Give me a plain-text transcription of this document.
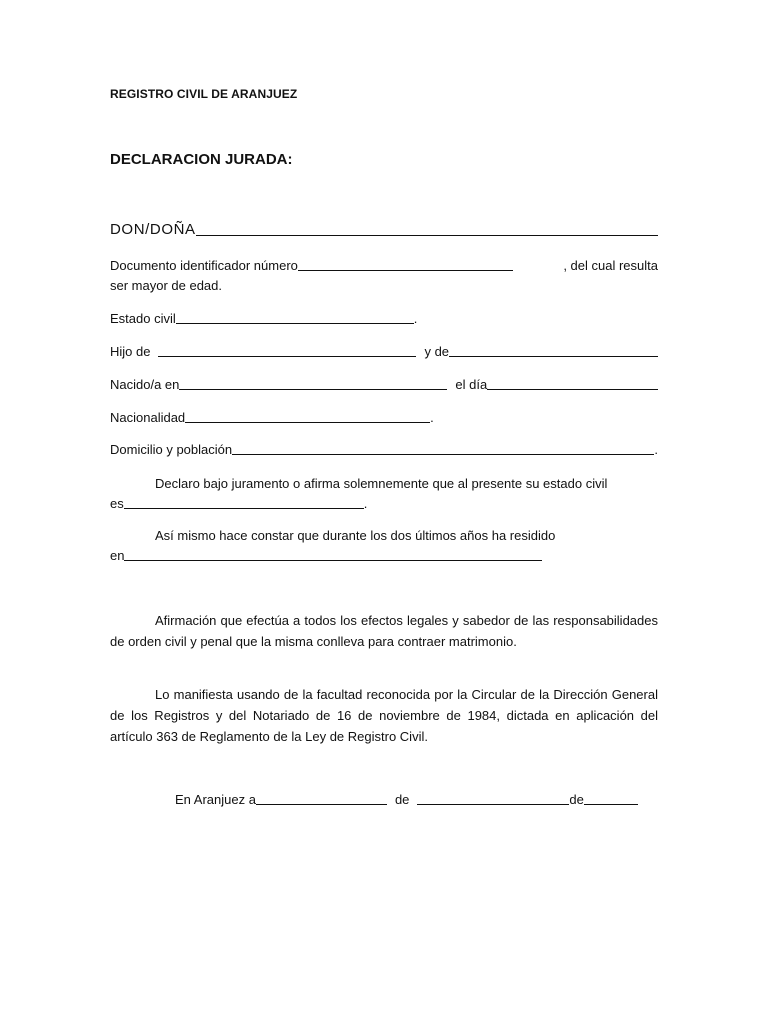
REGISTRO CIVIL DE ARANJUEZ
DECLARACION JURADA:
DON/DOÑA
Documento identificador número	, del cual resulta
ser mayor de edad.
Estado civil	.
Hijo de	y de
Nacido/a en	el día
Nacionalidad	.
Domicilio y población	.
Declaro bajo juramento o afirma solemnemente que al presente su estado civil
es	.
Así mismo hace constar que durante los dos últimos años ha residido
en
Afirmación que efectúa a todos los efectos legales y sabedor de las responsabilidades de orden civil y penal que la misma conlleva para contraer matrimonio.
Lo manifiesta usando de la facultad reconocida por la Circular de la Dirección General de los Registros y del Notariado de 16 de noviembre de 1984, dictada en aplicación del artículo 363 de Reglamento de la Ley de Registro Civil.
En Aranjuez a	de	de
